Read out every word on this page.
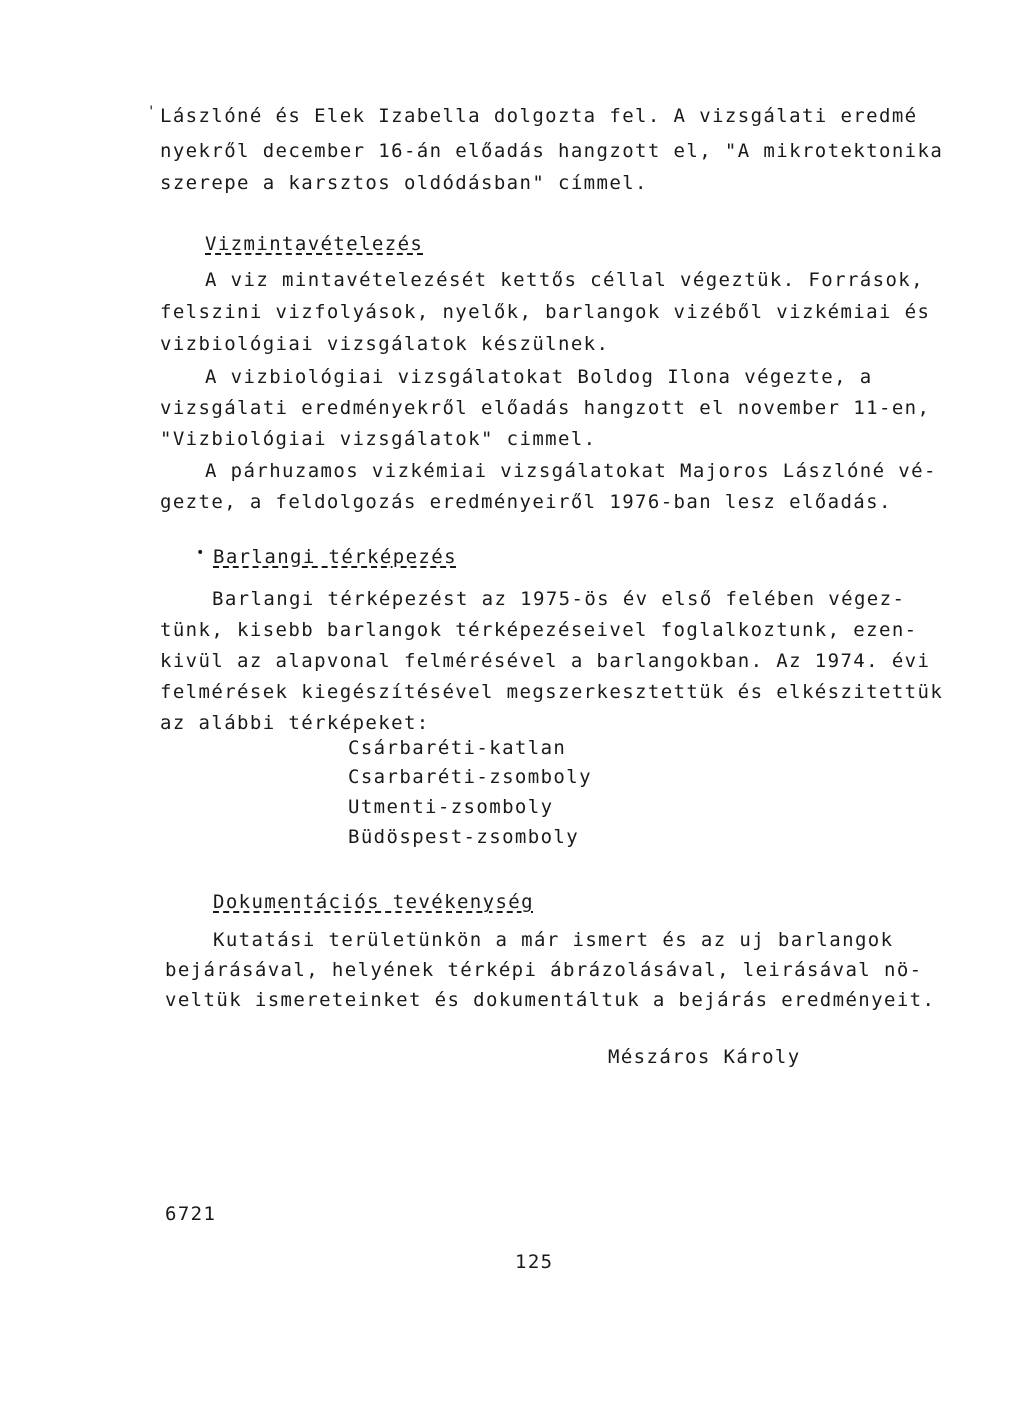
' Lászlóné és Elek Izabella dolgozta fel. A vizsgálati eredmé
nyekről december 16-án előadás hangzott el, "A mikrotektonika
szerepe a karsztos oldódásban" címmel.
Vizmintavételezés
A viz mintavételezését kettős céllal végeztük. Források,
felszini vizfolyások, nyelők, barlangok vizéből vizkémiai és
vizbiológiai vizsgálatok készülnek.
A vizbiológiai vizsgálatokat Boldog Ilona végezte, a
vizsgálati eredményekről előadás hangzott el november 11-en,
"Vizbiológiai vizsgálatok" cimmel.
A párhuzamos vizkémiai vizsgálatokat Majoros Lászlóné vé-
gezte, a feldolgozás eredményeiről 1976-ban lesz előadás.
• Barlangi térképezés
Barlangi térképezést az 1975-ös év első felében végez-
tünk, kisebb barlangok térképezéseivel foglalkoztunk, ezen-
kivül az alapvonal felmérésével a barlangokban. Az 1974. évi
felmérések kiegészítésével megszerkesztettük és elkészitettük
az alábbi térképeket:
Csárbaréti-katlan
Csarbaréti-zsomboly
Utmenti-zsomboly
Büdöspest-zsomboly
Dokumentációs tevékenység
Kutatási területünkön a már ismert és az uj barlangok
bejárásával, helyének térképi ábrázolásával, leirásával nö-
veltük ismereteinket és dokumentáltuk a bejárás eredményeit.
Mészáros Károly
6721
125
